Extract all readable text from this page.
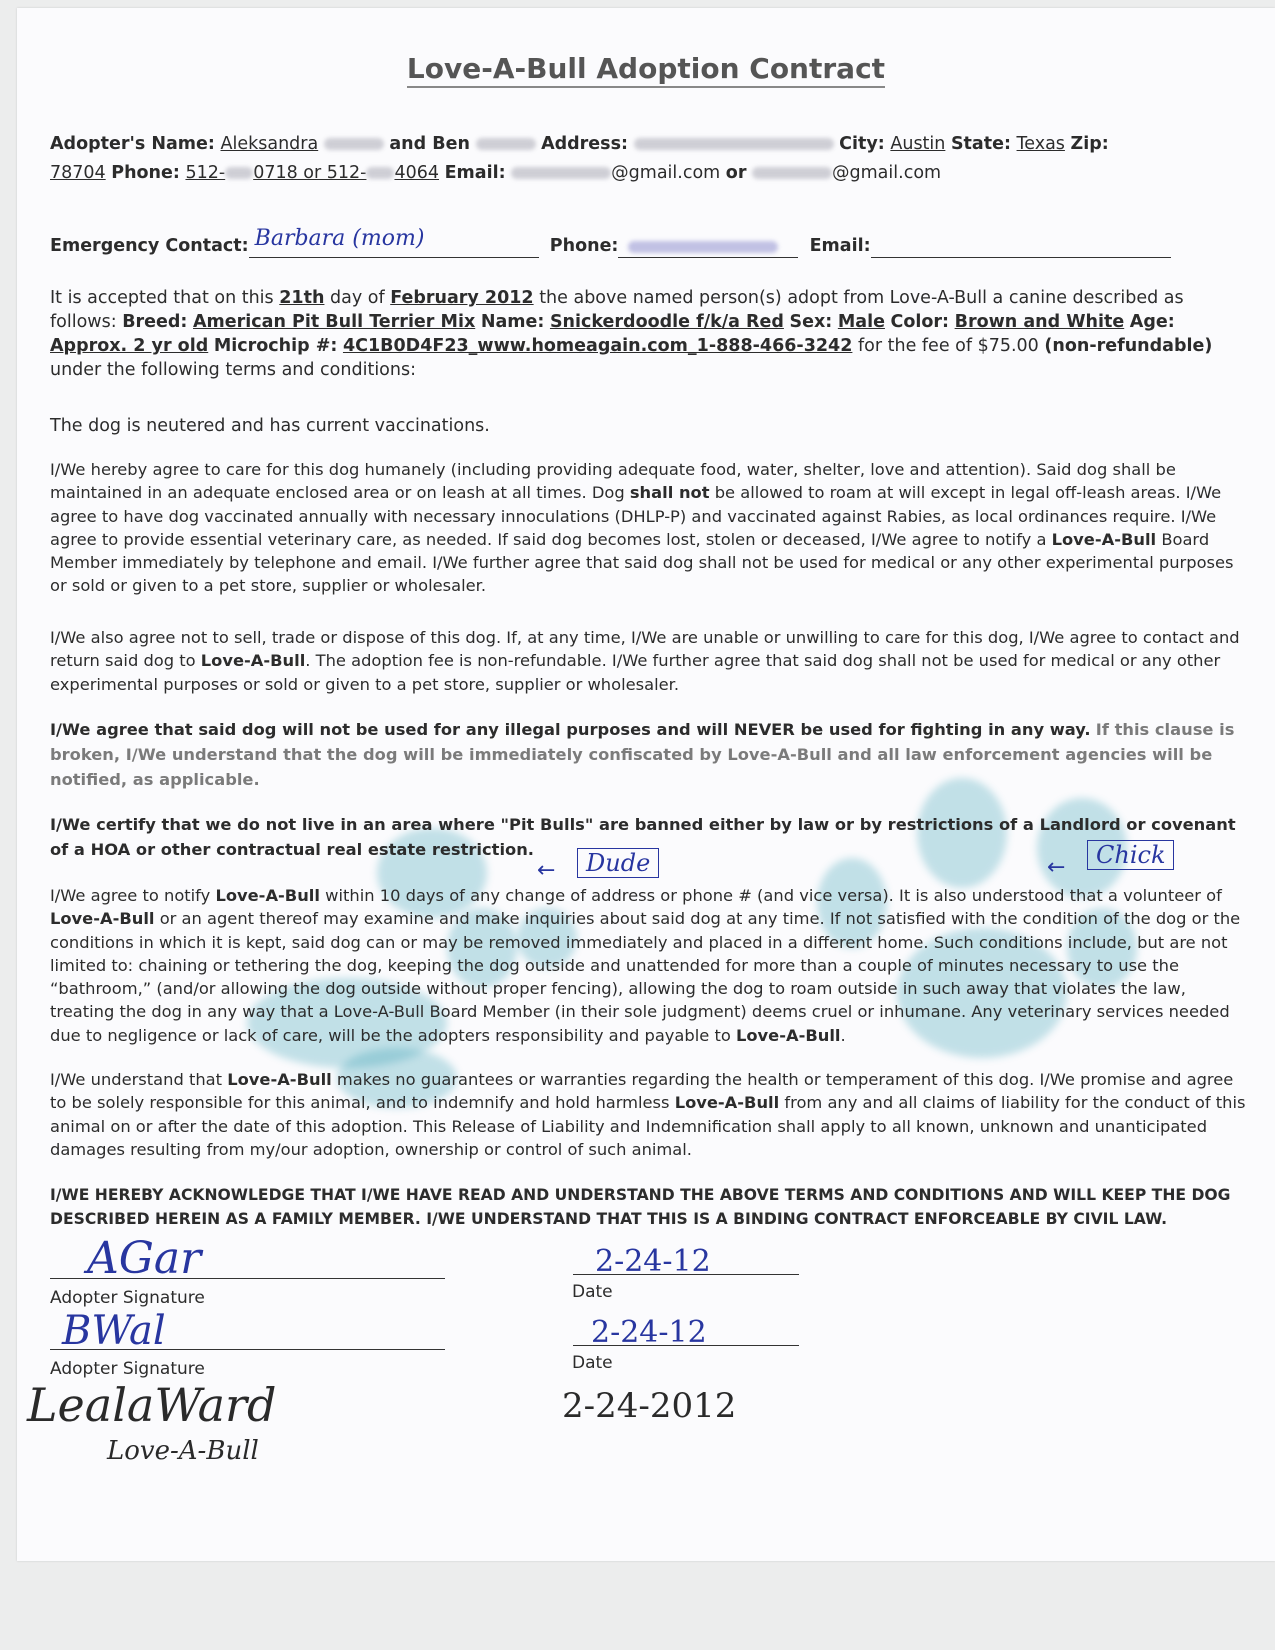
Love-A-Bull Adoption Contract
Adopter's Name: Aleksandra	and Ben	Address:	City: Austin State: Texas Zip:
78704 Phone: 512- 0718 or 512- 4064 Email:	@gmail.com or	@gmail.com
Emergency Contact: Barbara (mom)	Phone:	Email:
It is accepted that on this 21th day of February 2012 the above named person(s) adopt from Love-A-Bull a canine described as follows: Breed: American Pit Bull Terrier Mix Name: Snickerdoodle f/k/a Red Sex: Male Color: Brown and White Age: Approx. 2 yr old Microchip #: 4C1B0D4F23_www.homeagain.com_1-888-466-3242 for the fee of $75.00 (non-refundable) under the following terms and conditions:
The dog is neutered and has current vaccinations.
I/We hereby agree to care for this dog humanely (including providing adequate food, water, shelter, love and attention). Said dog shall be maintained in an adequate enclosed area or on leash at all times. Dog shall not be allowed to roam at will except in legal off-leash areas. I/We agree to have dog vaccinated annually with necessary innoculations (DHLP-P) and vaccinated against Rabies, as local ordinances require. I/We agree to provide essential veterinary care, as needed. If said dog becomes lost, stolen or deceased, I/We agree to notify a Love-A-Bull Board Member immediately by telephone and email. I/We further agree that said dog shall not be used for medical or any other experimental purposes or sold or given to a pet store, supplier or wholesaler.
I/We also agree not to sell, trade or dispose of this dog. If, at any time, I/We are unable or unwilling to care for this dog, I/We agree to contact and return said dog to Love-A-Bull. The adoption fee is non-refundable. I/We further agree that said dog shall not be used for medical or any other experimental purposes or sold or given to a pet store, supplier or wholesaler.
I/We agree that said dog will not be used for any illegal purposes and will NEVER be used for fighting in any way. If this clause is broken, I/We understand that the dog will be immediately confiscated by Love-A-Bull and all law enforcement agencies will be notified, as applicable.
I/We certify that we do not live in an area where "Pit Bulls" are banned either by law or by restrictions of a Landlord or covenant of a HOA or other contractual real estate restriction.
←	Dude	←	Chick
I/We agree to notify Love-A-Bull within 10 days of any change of address or phone # (and vice versa). It is also understood that a volunteer of Love-A-Bull or an agent thereof may examine and make inquiries about said dog at any time. If not satisfied with the condition of the dog or the conditions in which it is kept, said dog can or may be removed immediately and placed in a different home. Such conditions include, but are not limited to: chaining or tethering the dog, keeping the dog outside and unattended for more than a couple of minutes necessary to use the “bathroom,” (and/or allowing the dog outside without proper fencing), allowing the dog to roam outside in such away that violates the law, treating the dog in any way that a Love-A-Bull Board Member (in their sole judgment) deems cruel or inhumane. Any veterinary services needed due to negligence or lack of care, will be the adopters responsibility and payable to Love-A-Bull.
I/We understand that Love-A-Bull makes no guarantees or warranties regarding the health or temperament of this dog. I/We promise and agree to be solely responsible for this animal, and to indemnify and hold harmless Love-A-Bull from any and all claims of liability for the conduct of this animal on or after the date of this adoption. This Release of Liability and Indemnification shall apply to all known, unknown and unanticipated damages resulting from my/our adoption, ownership or control of such animal.
I/WE HEREBY ACKNOWLEDGE THAT I/WE HAVE READ AND UNDERSTAND THE ABOVE TERMS AND CONDITIONS AND WILL KEEP THE DOG DESCRIBED HEREIN AS A FAMILY MEMBER. I/WE UNDERSTAND THAT THIS IS A BINDING CONTRACT ENFORCEABLE BY CIVIL LAW.
AGar
Adopter Signature
2-24-12
Date
BWal
Adopter Signature
2-24-12
Date
LealaWard
Love-A-Bull
2-24-2012
